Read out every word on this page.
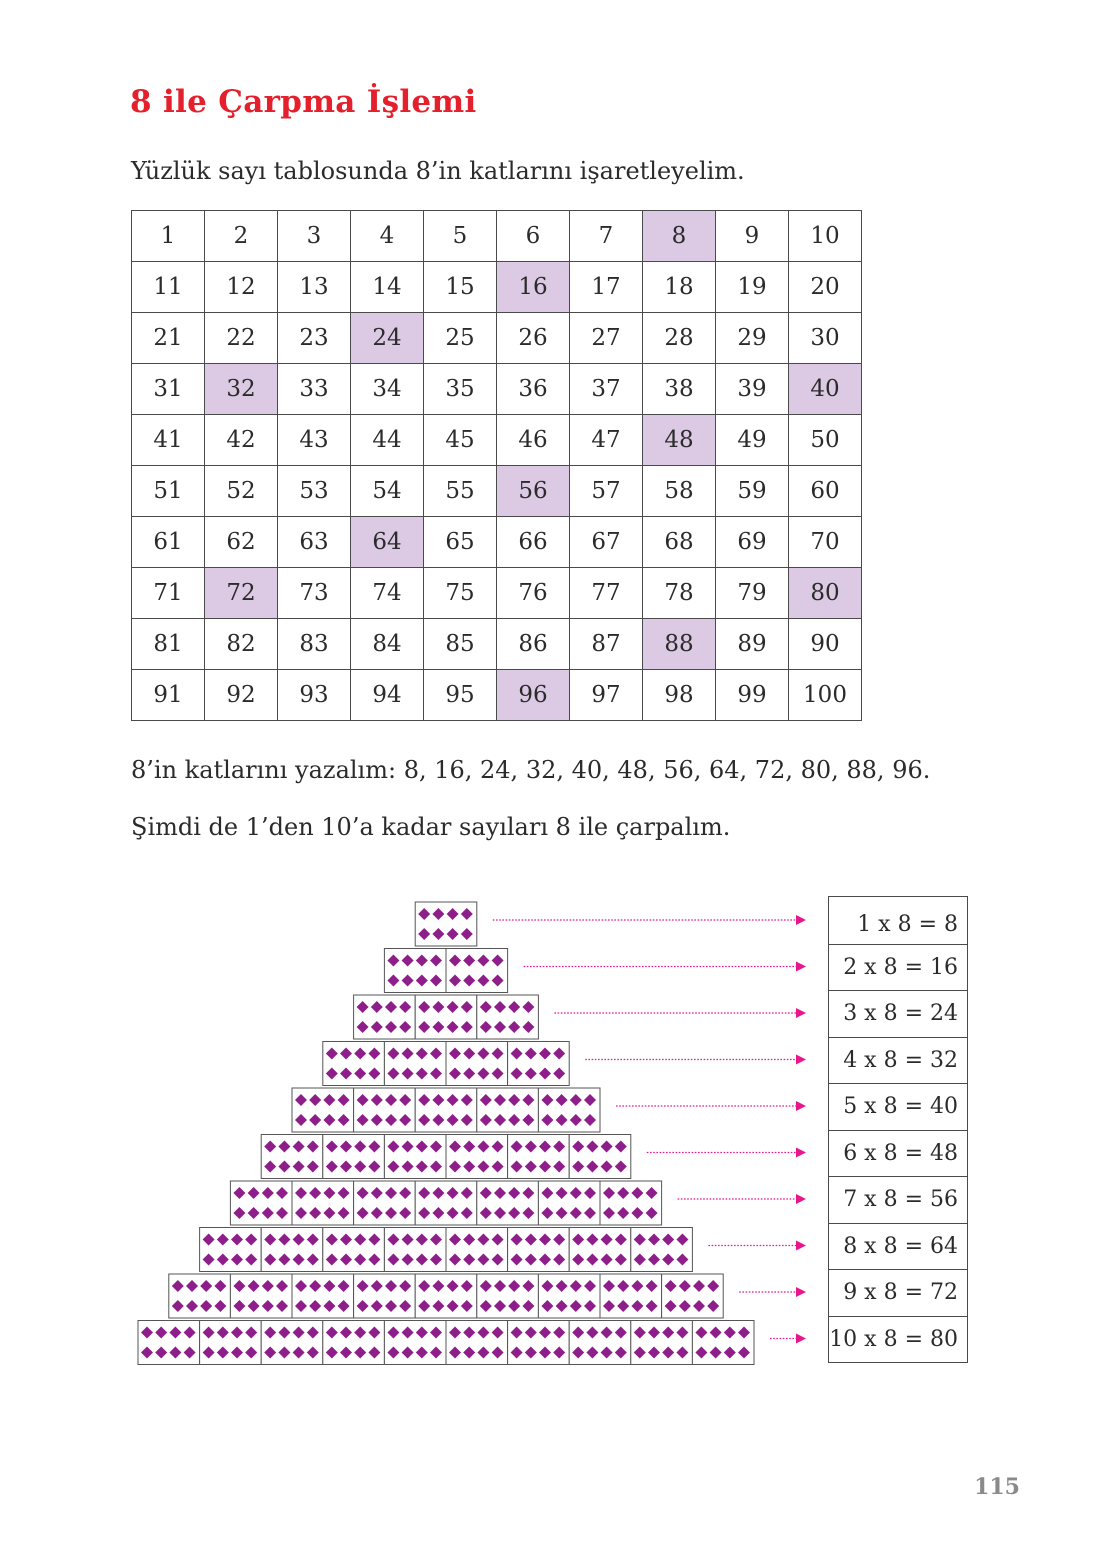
8 ile Çarpma İşlemi

Yüzlük sayı tablosunda 8’in katlarını işaretleyelim.

1	2	3	4	5	6	7	8	9	10
11	12	13	14	15	16	17	18	19	20
21	22	23	24	25	26	27	28	29	30
31	32	33	34	35	36	37	38	39	40
41	42	43	44	45	46	47	48	49	50
51	52	53	54	55	56	57	58	59	60
61	62	63	64	65	66	67	68	69	70
71	72	73	74	75	76	77	78	79	80
81	82	83	84	85	86	87	88	89	90
91	92	93	94	95	96	97	98	99	100

8’in katlarını yazalım: 8, 16, 24, 32, 40, 48, 56, 64, 72, 80, 88, 96.

Şimdi de 1’den 10’a kadar sayıları 8 ile çarpalım.

1 x 8 = 8
2 x 8 = 16
3 x 8 = 24
4 x 8 = 32
5 x 8 = 40
6 x 8 = 48
7 x 8 = 56
8 x 8 = 64
9 x 8 = 72
10 x 8 = 80

115
